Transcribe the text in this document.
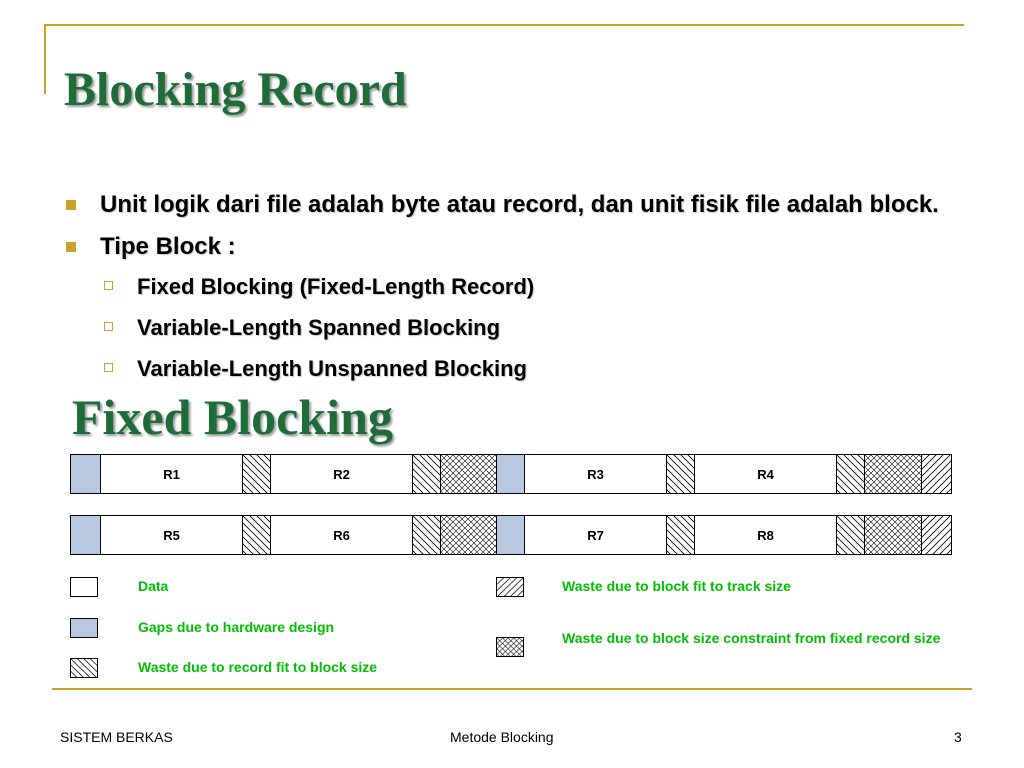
Blocking Record
Unit logik dari file adalah byte atau record, dan unit fisik file adalah block.
Tipe Block :
Fixed Blocking (Fixed-Length Record)
Variable-Length Spanned Blocking
Variable-Length Unspanned Blocking
Fixed Blocking
R1	R2	R3	R4
R5	R6	R7	R8
Data
Gaps due to hardware design
Waste due to record fit to block size
Waste due to block fit to track size
Waste due to block size constraint from fixed record size
SISTEM BERKAS	Metode Blocking	3
